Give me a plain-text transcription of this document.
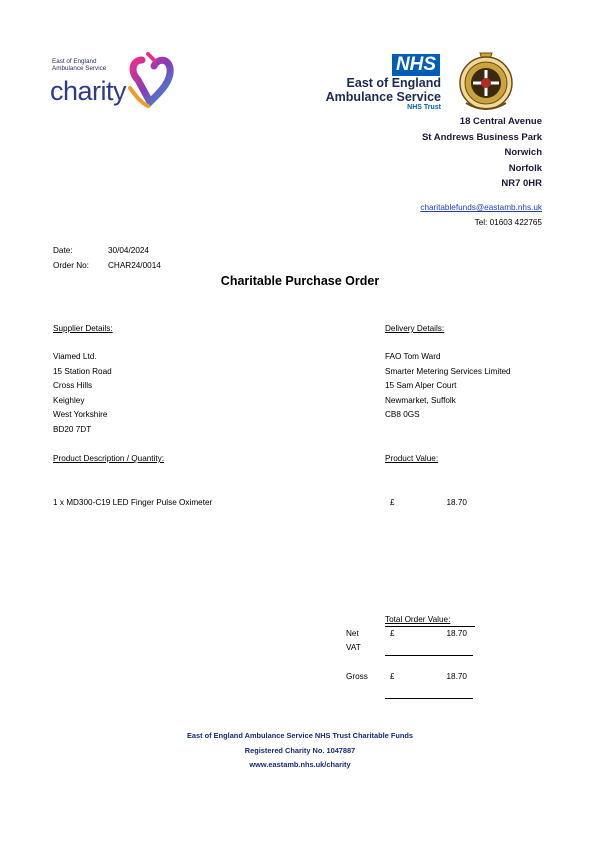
East of England
Ambulance Service
charity
NHS
East of England
Ambulance Service
NHS Trust
18 Central Avenue
St Andrews Business Park
Norwich
Norfolk
NR7 0HR
charitablefunds@eastamb.nhs.uk
Tel: 01603 422765
Date:	30/04/2024
Order No: CHAR24/0014
Charitable Purchase Order
Supplier Details:
Viamed Ltd.
15 Station Road
Cross Hills
Keighley
West Yorkshire
BD20 7DT
Delivery Details:
FAO Tom Ward
Smarter Metering Services Limited
15 Sam Alper Court
Newmarket, Suffolk
CB8 0GS
Product Description / Quantity:	Product Value:
1 x MD300-C19 LED Finger Pulse Oximeter	£	18.70
Total Order Value:
Net	£	18.70
VAT
Gross	£	18.70
East of England Ambulance Service NHS Trust Charitable Funds
Registered Charity No. 1047887
www.eastamb.nhs.uk/charity
